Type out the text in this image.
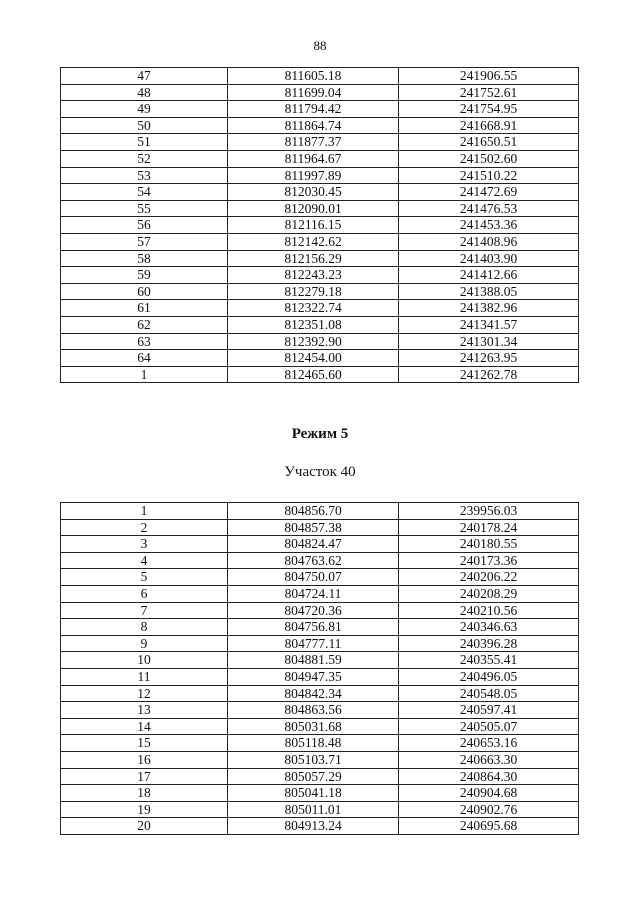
88
47	811605.18	241906.55
48	811699.04	241752.61
49	811794.42	241754.95
50	811864.74	241668.91
51	811877.37	241650.51
52	811964.67	241502.60
53	811997.89	241510.22
54	812030.45	241472.69
55	812090.01	241476.53
56	812116.15	241453.36
57	812142.62	241408.96
58	812156.29	241403.90
59	812243.23	241412.66
60	812279.18	241388.05
61	812322.74	241382.96
62	812351.08	241341.57
63	812392.90	241301.34
64	812454.00	241263.95
1	812465.60	241262.78
Режим 5
Участок 40
1	804856.70	239956.03
2	804857.38	240178.24
3	804824.47	240180.55
4	804763.62	240173.36
5	804750.07	240206.22
6	804724.11	240208.29
7	804720.36	240210.56
8	804756.81	240346.63
9	804777.11	240396.28
10	804881.59	240355.41
11	804947.35	240496.05
12	804842.34	240548.05
13	804863.56	240597.41
14	805031.68	240505.07
15	805118.48	240653.16
16	805103.71	240663.30
17	805057.29	240864.30
18	805041.18	240904.68
19	805011.01	240902.76
20	804913.24	240695.68
